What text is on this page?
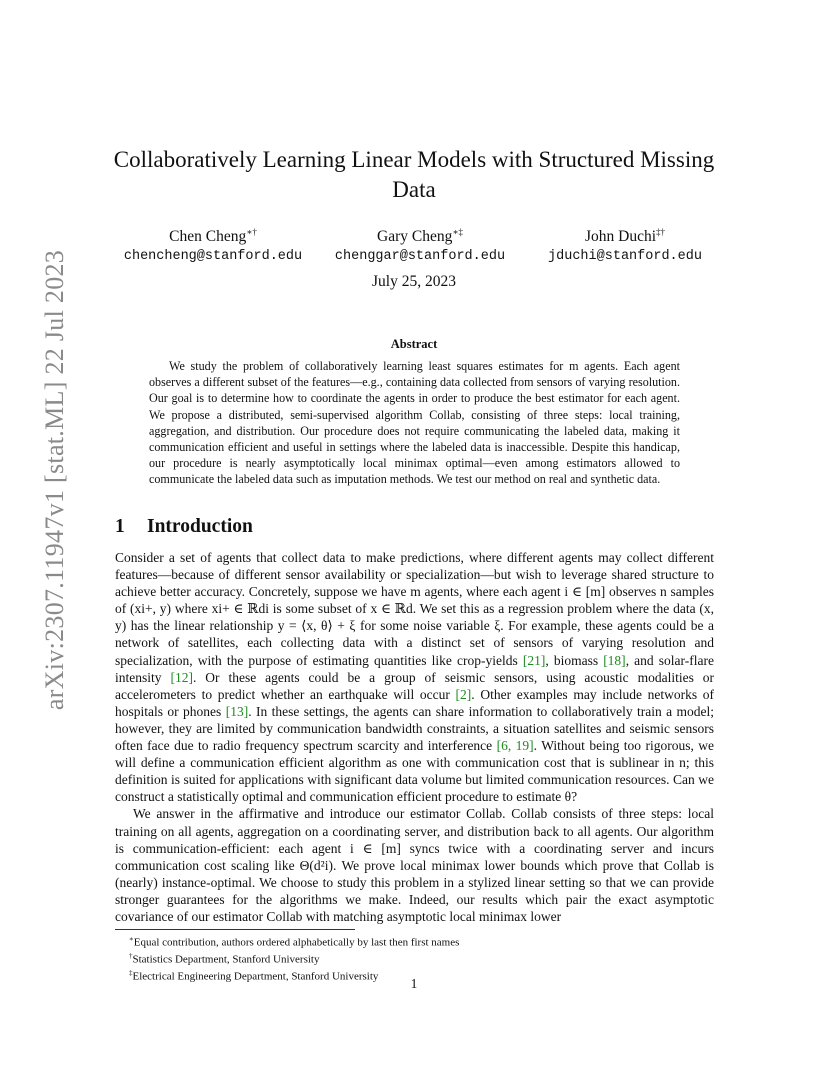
arXiv:2307.11947v1 [stat.ML] 22 Jul 2023
Collaboratively Learning Linear Models with Structured Missing Data
Chen Cheng∗†
chencheng@stanford.edu
Gary Cheng∗‡
chenggar@stanford.edu
John Duchi‡†
jduchi@stanford.edu
July 25, 2023
Abstract

We study the problem of collaboratively learning least squares estimates for m agents. Each agent observes a different subset of the features—e.g., containing data collected from sensors of varying resolution. Our goal is to determine how to coordinate the agents in order to produce the best estimator for each agent. We propose a distributed, semi-supervised algorithm Collab, consisting of three steps: local training, aggregation, and distribution. Our procedure does not require communicating the labeled data, making it communication efficient and useful in settings where the labeled data is inaccessible. Despite this handicap, our procedure is nearly asymptotically local minimax optimal—even among estimators allowed to communicate the labeled data such as imputation methods. We test our method on real and synthetic data.

1 Introduction

Consider a set of agents that collect data to make predictions, where different agents may collect different features—because of different sensor availability or specialization—but wish to leverage shared structure to achieve better accuracy. Concretely, suppose we have m agents, where each agent i ∈ [m] observes n samples of (xi+, y) where xi+ ∈ ℝdi is some subset of x ∈ ℝd. We set this as a regression problem where the data (x, y) has the linear relationship y = ⟨x, θ⟩ + ξ for some noise variable ξ. For example, these agents could be a network of satellites, each collecting data with a distinct set of sensors of varying resolution and specialization, with the purpose of estimating quantities like crop-yields [21], biomass [18], and solar-flare intensity [12]. Or these agents could be a group of seismic sensors, using acoustic modalities or accelerometers to predict whether an earthquake will occur [2]. Other examples may include networks of hospitals or phones [13]. In these settings, the agents can share information to collaboratively train a model; however, they are limited by communication bandwidth constraints, a situation satellites and seismic sensors often face due to radio frequency spectrum scarcity and interference [6, 19]. Without being too rigorous, we will define a communication efficient algorithm as one with communication cost that is sublinear in n; this definition is suited for applications with significant data volume but limited communication resources. Can we construct a statistically optimal and communication efficient procedure to estimate θ?

We answer in the affirmative and introduce our estimator Collab. Collab consists of three steps: local training on all agents, aggregation on a coordinating server, and distribution back to all agents. Our algorithm is communication-efficient: each agent i ∈ [m] syncs twice with a coordinating server and incurs communication cost scaling like Θ(d²i). We prove local minimax lower bounds which prove that Collab is (nearly) instance-optimal. We choose to study this problem in a stylized linear setting so that we can provide stronger guarantees for the algorithms we make. Indeed, our results which pair the exact asymptotic covariance of our estimator Collab with matching asymptotic local minimax lower

∗Equal contribution, authors ordered alphabetically by last then first names
†Statistics Department, Stanford University
‡Electrical Engineering Department, Stanford University	1
